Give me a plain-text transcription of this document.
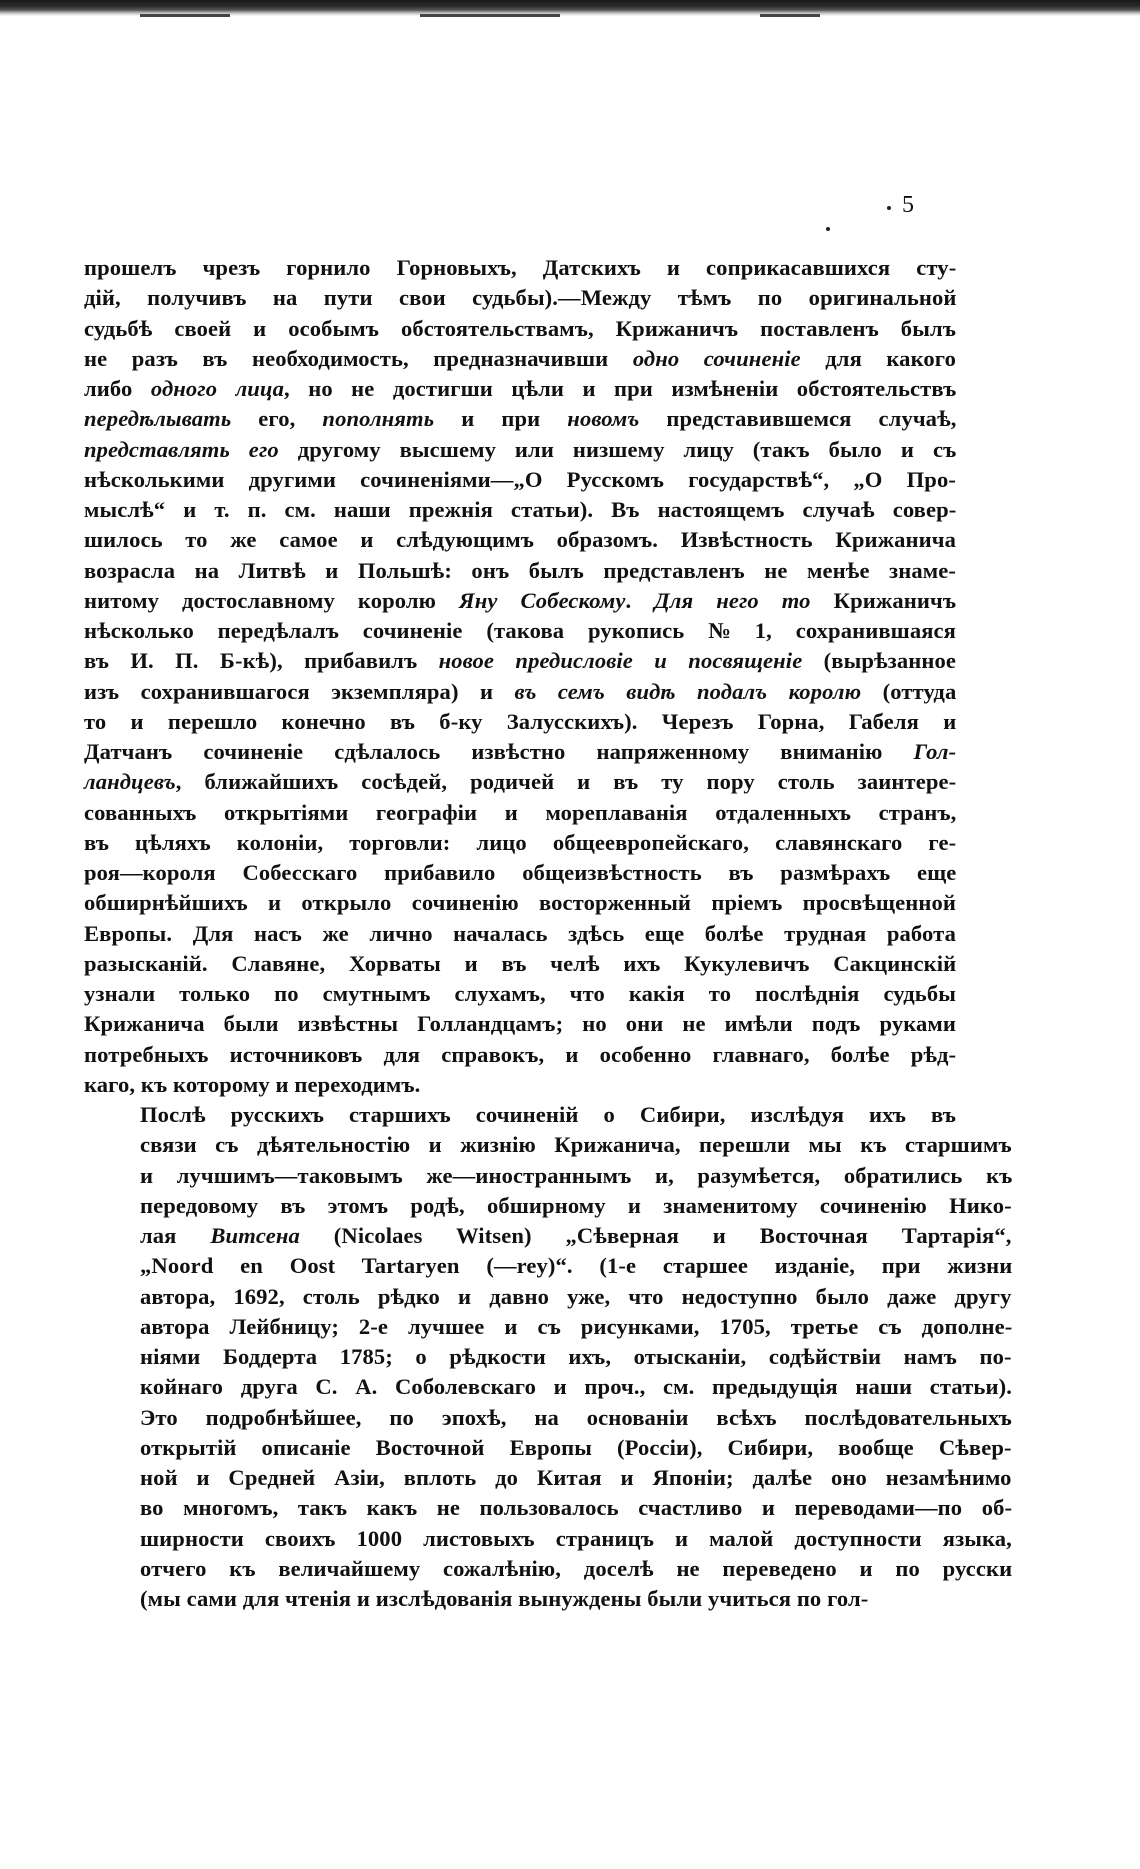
5

прошелъ чрезъ горнило Горновыхъ, Датскихъ и соприкасавшихся сту-
дій, получивъ на пути свои судьбы).—Между тѣмъ по оригинальной
судьбѣ своей и особымъ обстоятельствамъ, Крижаничъ поставленъ былъ
не разъ въ необходимость, предназначивши одно сочиненіе для какого
либо одного лица, но не достигши цѣли и при измѣненіи обстоятельствъ
передѣлывать его, пополнять и при новомъ представившемся случаѣ,
представлять его другому высшему или низшему лицу (такъ было и съ
нѣсколькими другими сочиненіями—„О Русскомъ государствѣ“, „О Про-
мыслѣ“ и т. п. см. наши прежнія статьи). Въ настоящемъ случаѣ совер-
шилось то же самое и слѣдующимъ образомъ. Извѣстность Крижанича
возрасла на Литвѣ и Польшѣ: онъ былъ представленъ не менѣе знаме-
нитому достославному королю Яну Собескому. Для него то Крижаничъ
нѣсколько передѣлалъ сочиненіе (такова рукопись № 1, сохранившаяся
въ И. П. Б-кѣ), прибавилъ новое предисловіе и посвященіе (вырѣзанное
изъ сохранившагося экземпляра) и въ семъ видѣ подалъ королю (оттуда
то и перешло конечно въ б-ку Залусскихъ). Черезъ Горна, Габеля и
Датчанъ сочиненіе сдѣлалось извѣстно напряженному вниманію Гол-
ландцевъ, ближайшихъ сосѣдей, родичей и въ ту пору столь заинтере-
сованныхъ открытіями географіи и мореплаванія отдаленныхъ странъ,
въ цѣляхъ колоніи, торговли: лицо общеевропейскаго, славянскаго ге-
роя—короля Собесскаго прибавило общеизвѣстность въ размѣрахъ еще
обширнѣйшихъ и открыло сочиненію восторженный пріемъ просвѣщенной
Европы. Для насъ же лично началась здѣсь еще болѣе трудная работа
разысканій. Славяне, Хорваты и въ челѣ ихъ Кукулевичъ Сакцинскій
узнали только по смутнымъ слухамъ, что какія то послѣднія судьбы
Крижанича были извѣстны Голландцамъ; но они не имѣли подъ руками
потребныхъ источниковъ для справокъ, и особенно главнаго, болѣе рѣд-
каго, къ которому и переходимъ.

Послѣ русскихъ старшихъ сочиненій о Сибири, изслѣдуя ихъ въ
связи съ дѣятельностію и жизнію Крижанича, перешли мы къ старшимъ
и лучшимъ—таковымъ же—иностраннымъ и, разумѣется, обратились къ
передовому въ этомъ родѣ, обширному и знаменитому сочиненію Нико-
лая Витсена (Nicolaes Witsen) „Сѣверная и Восточная Тартарія“,
„Noord en Oost Tartaryen (—rey)“. (1-е старшее изданіе, при жизни
автора, 1692, столь рѣдко и давно уже, что недоступно было даже другу
автора Лейбницу; 2-е лучшее и съ рисунками, 1705, третье съ дополне-
ніями Боддерта 1785; о рѣдкости ихъ, отысканіи, содѣйствіи намъ по-
койнаго друга С. А. Соболевскаго и проч., см. предыдущія наши статьи).
Это подробнѣйшее, по эпохѣ, на основаніи всѣхъ послѣдовательныхъ
открытій описаніе Восточной Европы (Россіи), Сибири, вообще Сѣвер-
ной и Средней Азіи, вплоть до Китая и Японіи; далѣе оно незамѣнимо
во многомъ, такъ какъ не пользовалось счастливо и переводами—по об-
ширности своихъ 1000 листовыхъ страницъ и малой доступности языка,
отчего къ величайшему сожалѣнію, доселѣ не переведено и по русски
(мы сами для чтенія и изслѣдованія вынуждены были учиться по гол-
